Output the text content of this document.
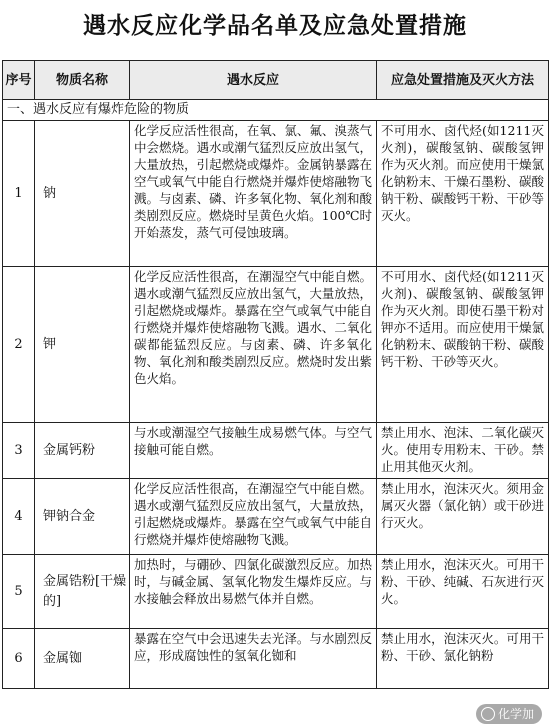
遇水反应化学品名单及应急处置措施
序号	物质名称	遇水反应	应急处置措施及灭火方法
一、遇水反应有爆炸危险的物质			
1	钠	化学反应活性很高，在氧、氯、氟、溴蒸气中会燃烧。遇水或潮气猛烈反应放出氢气，大量放热，引起燃烧或爆炸。金属钠暴露在空气或氧气中能自行燃烧并爆炸使熔融物飞溅。与卤素、磷、许多氧化物、氧化剂和酸类剧烈反应。燃烧时呈黄色火焰。100℃时开始蒸发，蒸气可侵蚀玻璃。	不可用水、卤代烃(如1211灭火剂)，碳酸氢钠、碳酸氢钾作为灭火剂。而应使用干燥氯化钠粉末、干燥石墨粉、碳酸钠干粉、碳酸钙干粉、干砂等灭火。
2	钾	化学反应活性很高，在潮湿空气中能自燃。遇水或潮气猛烈反应放出氢气，大量放热，引起燃烧或爆炸。暴露在空气或氧气中能自行燃烧并爆炸使熔融物飞溅。遇水、二氧化碳都能猛烈反应。与卤素、磷、许多氧化物、氧化剂和酸类剧烈反应。燃烧时发出紫色火焰。	不可用水、卤代烃(如1211灭火剂)、碳酸氢钠、碳酸氢钾作为灭火剂。即使石墨干粉对钾亦不适用。而应使用干燥氯化钠粉末、碳酸钠干粉、碳酸钙干粉、干砂等灭火。
3	金属钙粉	与水或潮湿空气接触生成易燃气体。与空气接触可能自燃。	禁止用水、泡沫、二氧化碳灭火。使用专用粉末、干砂。禁止用其他灭火剂。
4	钾钠合金	化学反应活性很高，在潮湿空气中能自燃。遇水或潮气猛烈反应放出氢气，大量放热，引起燃烧或爆炸。暴露在空气或氧气中能自行燃烧并爆炸使熔融物飞溅。	禁止用水，泡沫灭火。须用金属灭火器（氯化钠）或干砂进行灭火。
5	金属锆粉[干燥的]	加热时，与硼砂、四氯化碳激烈反应。加热时，与碱金属、氢氧化物发生爆炸反应。与水接触会释放出易燃气体并自燃。	禁止用水，泡沫灭火。可用干粉、干砂、纯碱、石灰进行灭火。
6	金属铷	暴露在空气中会迅速失去光泽。与水剧烈反应，形成腐蚀性的氢氧化铷和	禁止用水，泡沫灭火。可用干粉、干砂、氯化钠粉
化学加
